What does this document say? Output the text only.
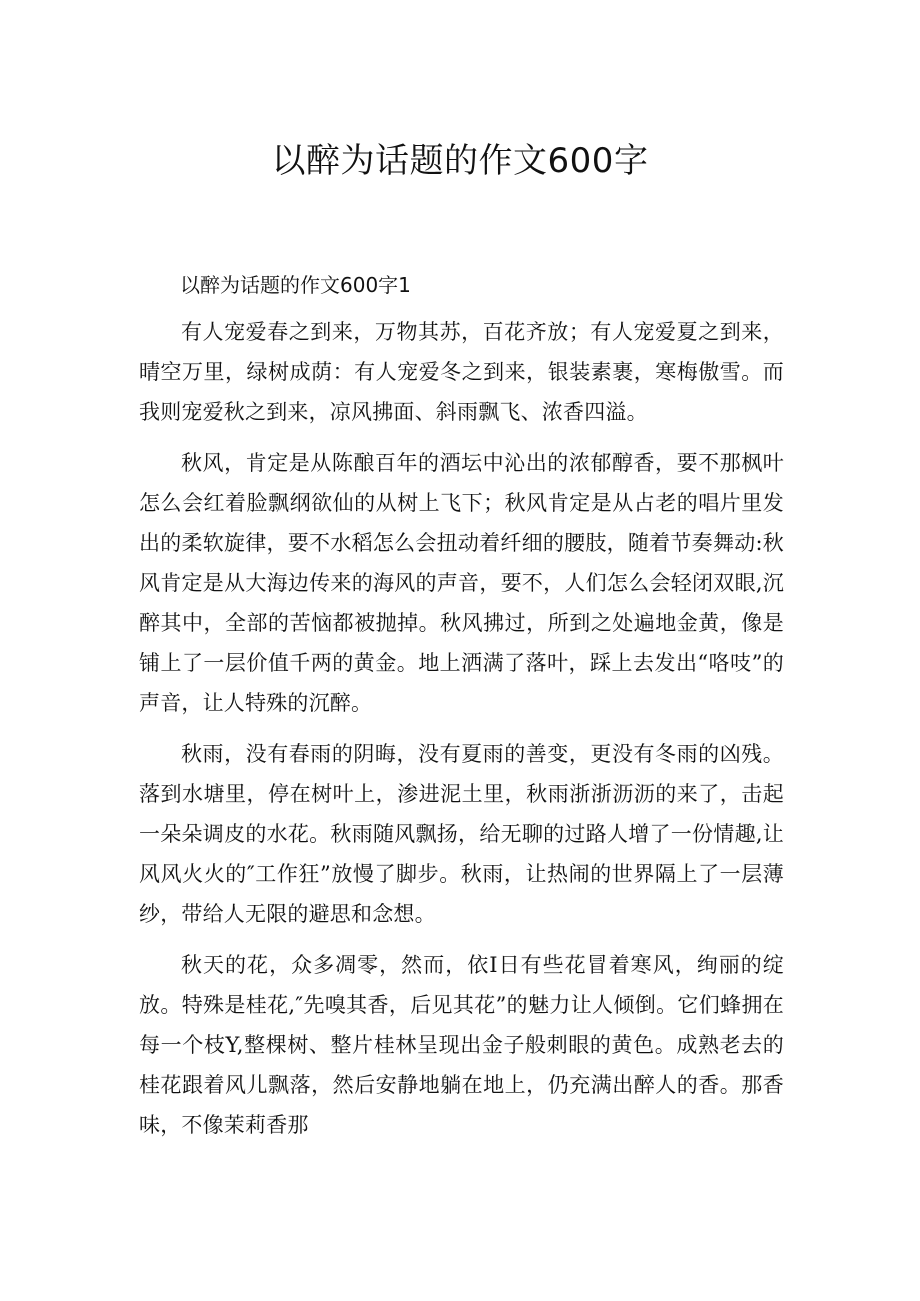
以醉为话题的作文600字

以醉为话题的作文600字1

有人宠爱春之到来，万物其苏，百花齐放；有人宠爱夏之到来，晴空万里，绿树成荫：有人宠爱冬之到来，银装素裹，寒梅傲雪。而我则宠爱秋之到来，凉风拂面、斜雨飘飞、浓香四溢。

秋风，肯定是从陈酿百年的酒坛中沁出的浓郁醇香，要不那枫叶怎么会红着脸飘纲欲仙的从树上飞下；秋风肯定是从占老的唱片里发出的柔软旋律，要不水稻怎么会扭动着纤细的腰肢，随着节奏舞动:秋风肯定是从大海边传来的海风的声音，要不，人们怎么会轻闭双眼,沉醉其中，全部的苦恼都被抛掉。秋风拂过，所到之处遍地金黄，像是铺上了一层价值千两的黄金。地上洒满了落叶，踩上去发出“咯吱”的声音，让人特殊的沉醉。

秋雨，没有春雨的阴晦，没有夏雨的善变，更没有冬雨的凶残。落到水塘里，停在树叶上，渗进泥土里，秋雨浙浙沥沥的来了，击起一朵朵调皮的水花。秋雨随风飘扬，给无聊的过路人增了一份情趣,让风风火火的″工作狂”放慢了脚步。秋雨，让热闹的世界隔上了一层薄纱，带给人无限的避思和念想。

秋天的花，众多凋零，然而，依I日有些花冒着寒风，绚丽的绽放。特殊是桂花,″先嗅其香，后见其花”的魅力让人倾倒。它们蜂拥在每一个枝Y,整棵树、整片桂林呈现出金子般刺眼的黄色。成熟老去的桂花跟着风儿飘落，然后安静地躺在地上，仍充满出醉人的香。那香味，不像茉莉香那
